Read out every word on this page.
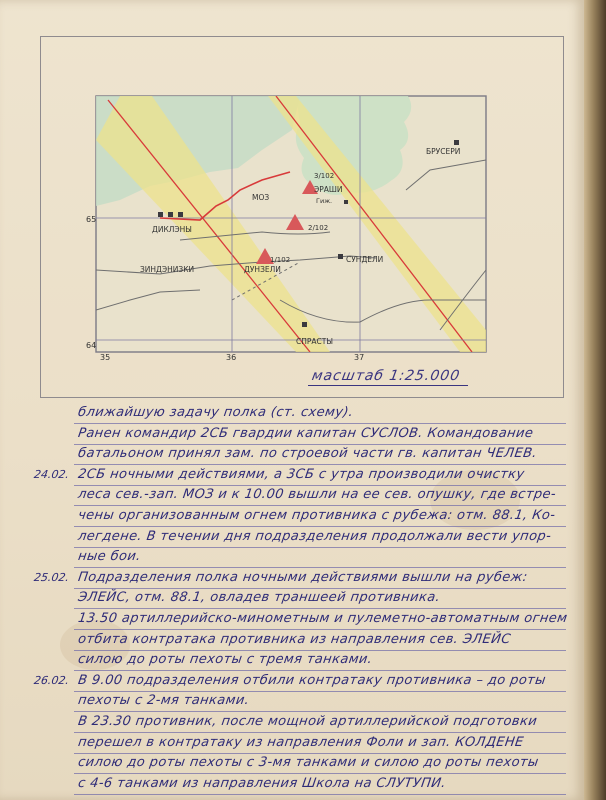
БРУСЕРИ
ДИКЛЭНЫ
ЭРАШИ
Гиж.
МОЗ
ЗИНДЭНИЗКИ	ДУНЗЕЛИ
СУНДЕЛИ
СПРАСТЫ
3/102
2/102
1/102
65
64
35	36	37
масштаб 1:25.000
ближайшую задачу полка (ст. схему).
Ранен командир 2СБ гвардии капитан СУСЛОВ. Командование
батальоном принял зам. по строевой части гв. капитан ЧЕЛЕВ.
2СБ ночными действиями, а 3СБ с утра производили очистку
24.02.
леса сев.-зап. МОЗ и к 10.00 вышли на ее сев. опушку, где встре-
чены организованным огнем противника с рубежа: отм. 88.1, Ко-
легдене. В течении дня подразделения продолжали вести упор-
ные бои.
Подразделения полка ночными действиями вышли на рубеж:
25.02.
ЭЛЕЙС, отм. 88.1, овладев траншеей противника.
13.50 артиллерийско-минометным и пулеметно-автоматным огнем
отбита контратака противника из направления сев. ЭЛЕЙС
силою до роты пехоты с тремя танками.
В 9.00 подразделения отбили контратаку противника – до роты
26.02.
пехоты с 2-мя танками.
В 23.30 противник, после мощной артиллерийской подготовки
перешел в контратаку из направления Фоли и зап. КОЛДЕНЕ
силою до роты пехоты с 3-мя танками и силою до роты пехоты
с 4-6 танками из направления Школа на СЛУТУПИ.
